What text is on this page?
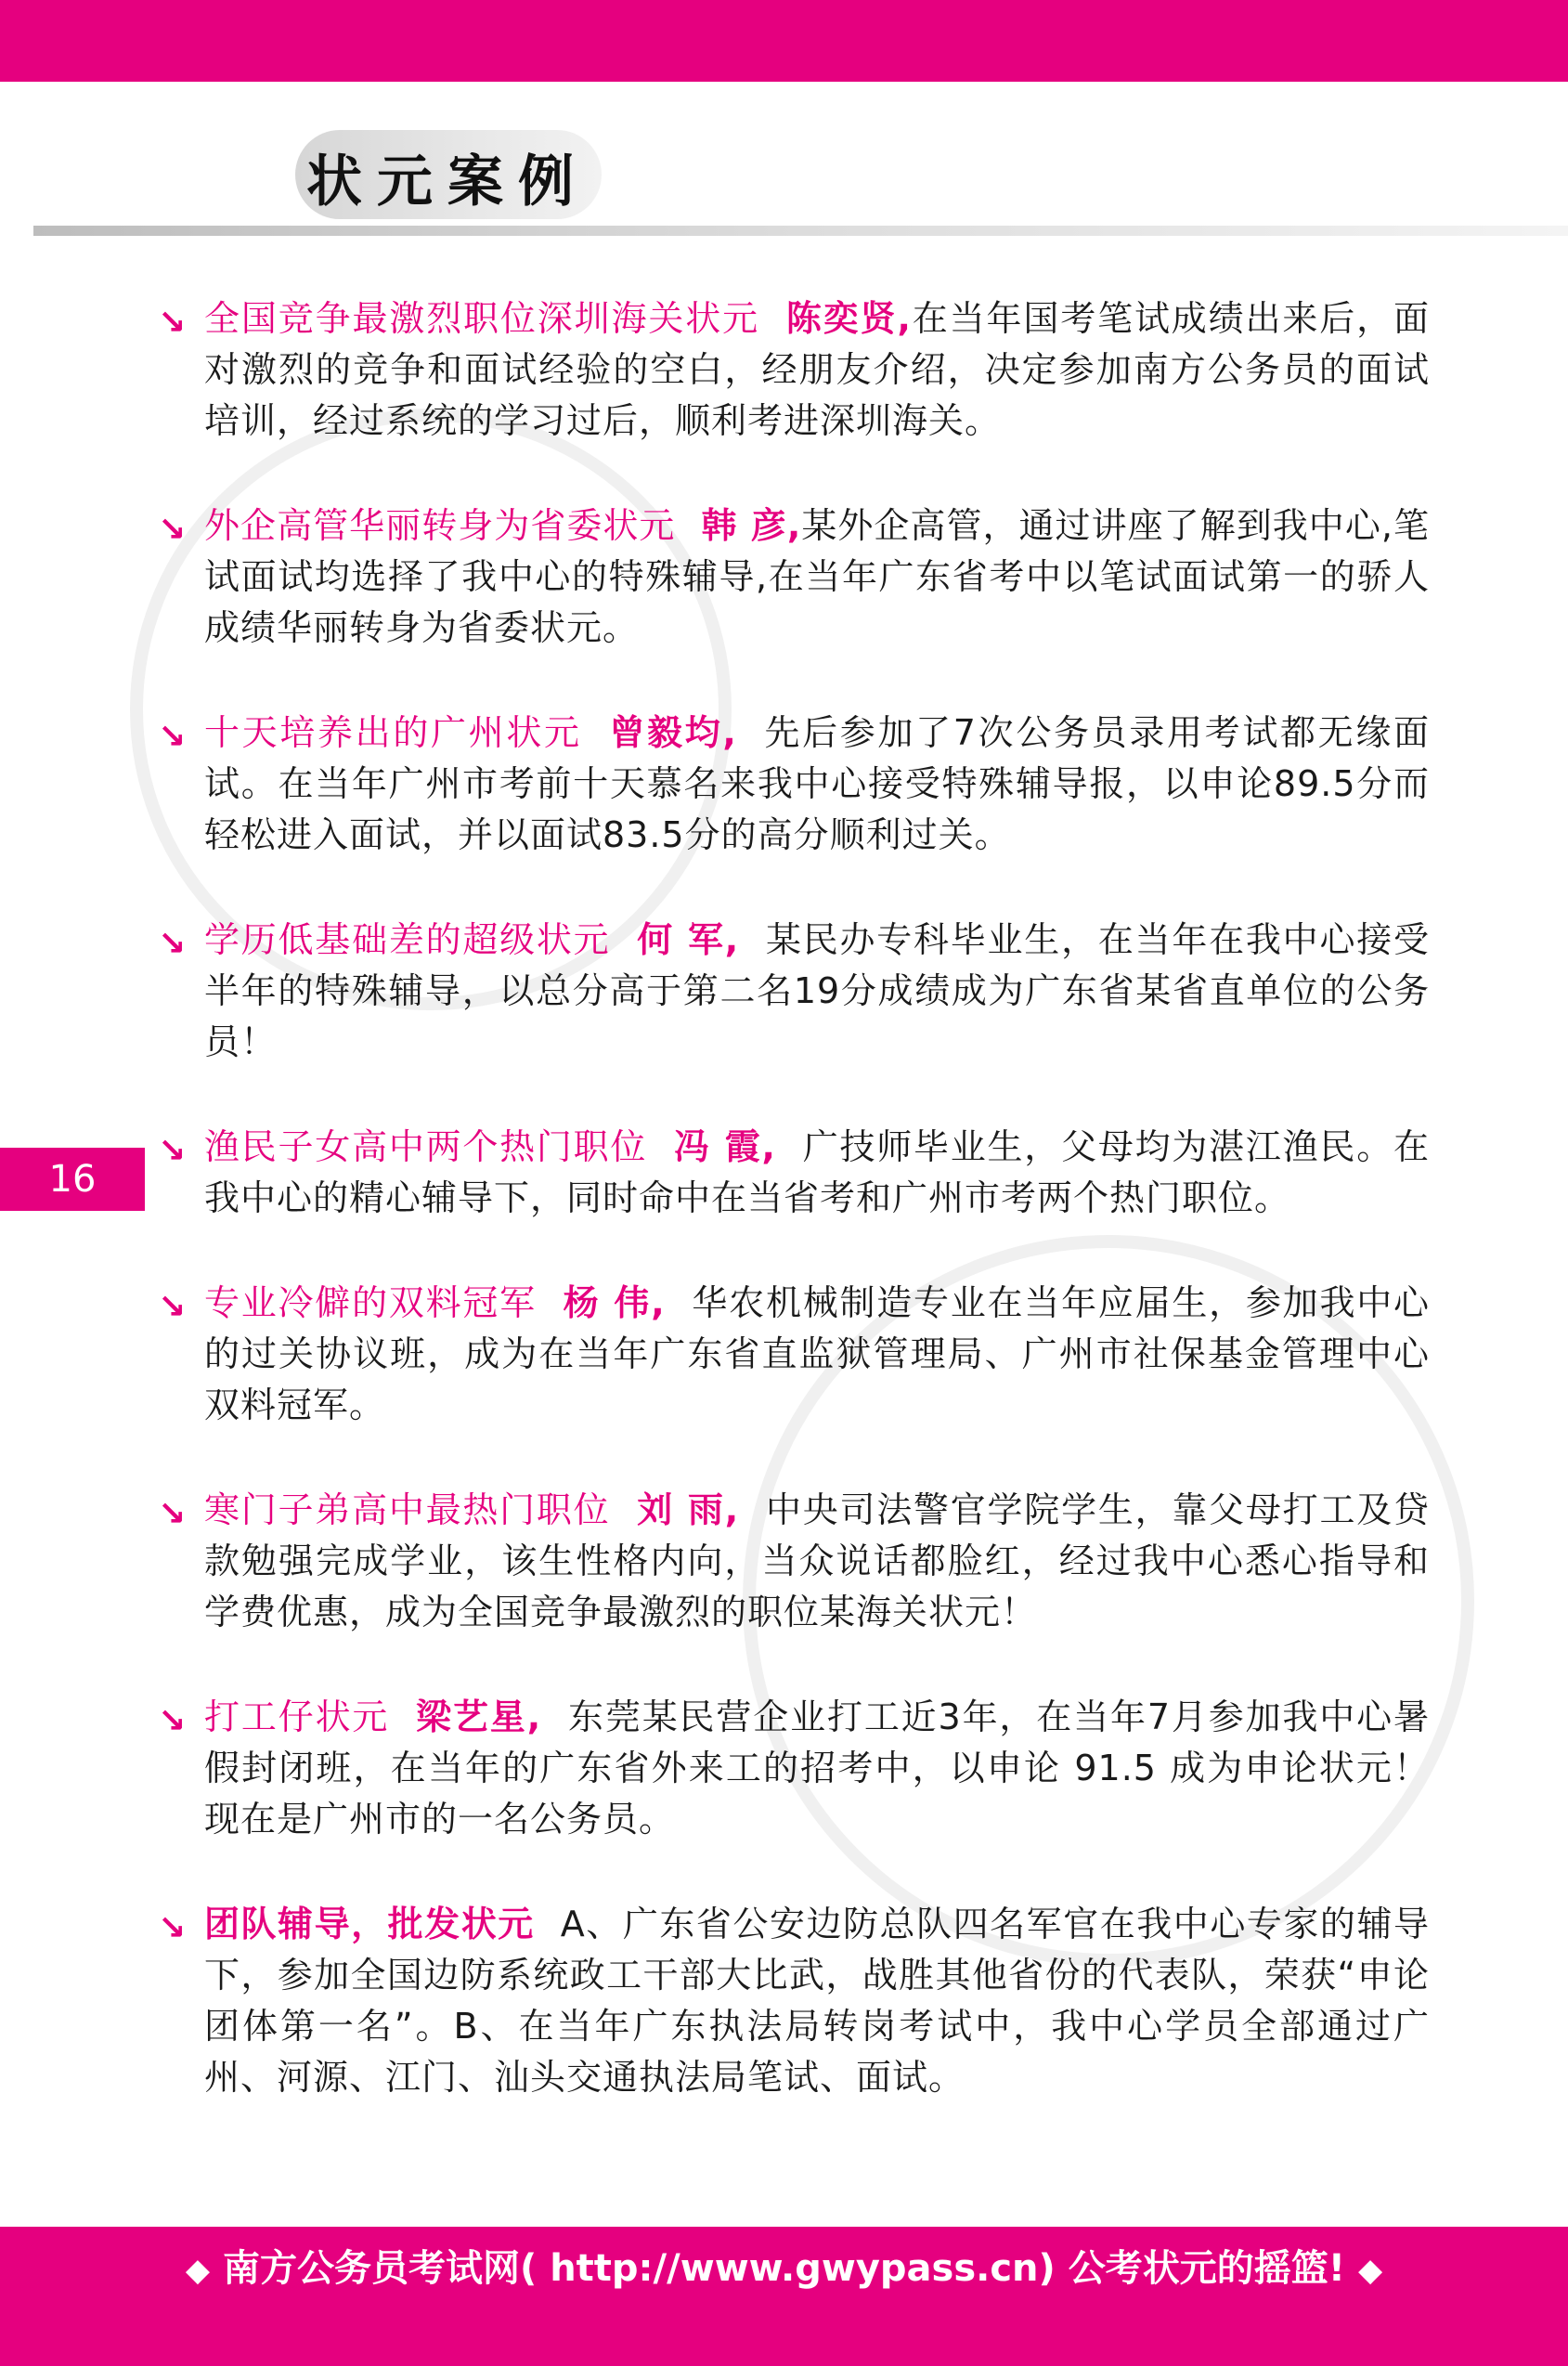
状元案例
16
↘ 全国竞争最激烈职位深圳海关状元 陈奕贤,在当年国考笔试成绩出来后，面对激烈的竞争和面试经验的空白，经朋友介绍，决定参加南方公务员的面试培训，经过系统的学习过后，顺利考进深圳海关。

↘ 外企高管华丽转身为省委状元 韩 彦,某外企高管，通过讲座了解到我中心,笔试面试均选择了我中心的特殊辅导,在当年广东省考中以笔试面试第一的骄人成绩华丽转身为省委状元。

↘ 十天培养出的广州状元 曾毅均, 先后参加了7次公务员录用考试都无缘面试。在当年广州市考前十天慕名来我中心接受特殊辅导报，以申论89.5分而轻松进入面试，并以面试83.5分的高分顺利过关。

↘ 学历低基础差的超级状元 何 军, 某民办专科毕业生，在当年在我中心接受半年的特殊辅导，以总分高于第二名19分成绩成为广东省某省直单位的公务员！

↘ 渔民子女高中两个热门职位 冯 霞, 广技师毕业生，父母均为湛江渔民。在我中心的精心辅导下，同时命中在当省考和广州市考两个热门职位。

↘ 专业冷僻的双料冠军 杨 伟, 华农机械制造专业在当年应届生，参加我中心的过关协议班，成为在当年广东省直监狱管理局、广州市社保基金管理中心双料冠军。

↘ 寒门子弟高中最热门职位 刘 雨, 中央司法警官学院学生，靠父母打工及贷款勉强完成学业，该生性格内向，当众说话都脸红，经过我中心悉心指导和学费优惠，成为全国竞争最激烈的职位某海关状元！

↘ 打工仔状元 梁艺星, 东莞某民营企业打工近3年，在当年7月参加我中心暑假封闭班，在当年的广东省外来工的招考中，以申论 91.5 成为申论状元！现在是广州市的一名公务员。

↘ 团队辅导，批发状元 A、广东省公安边防总队四名军官在我中心专家的辅导下，参加全国边防系统政工干部大比武，战胜其他省份的代表队，荣获“申论团体第一名”。B、在当年广东执法局转岗考试中，我中心学员全部通过广州、河源、江门、汕头交通执法局笔试、面试。

◆ 南方公务员考试网( http://www.gwypass.cn) 公考状元的摇篮! ◆
